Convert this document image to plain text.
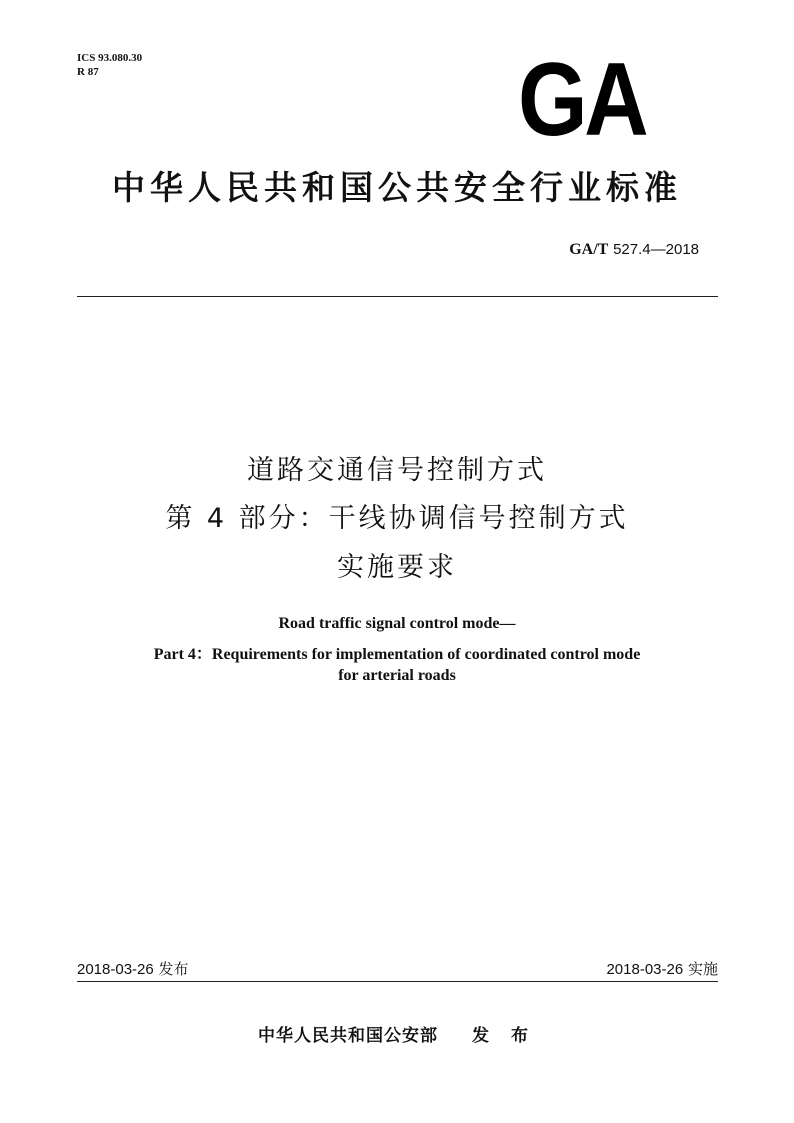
ICS 93.080.30
R 87	GA
中华人民共和国公共安全行业标准
GA/T 527.4—2018
道路交通信号控制方式
第 4 部分：干线协调信号控制方式
实施要求
Road traffic signal control mode—
Part 4：Requirements for implementation of coordinated control mode
for arterial roads
2018-03-26 发布	2018-03-26 实施
中华人民共和国公安部 发 布
